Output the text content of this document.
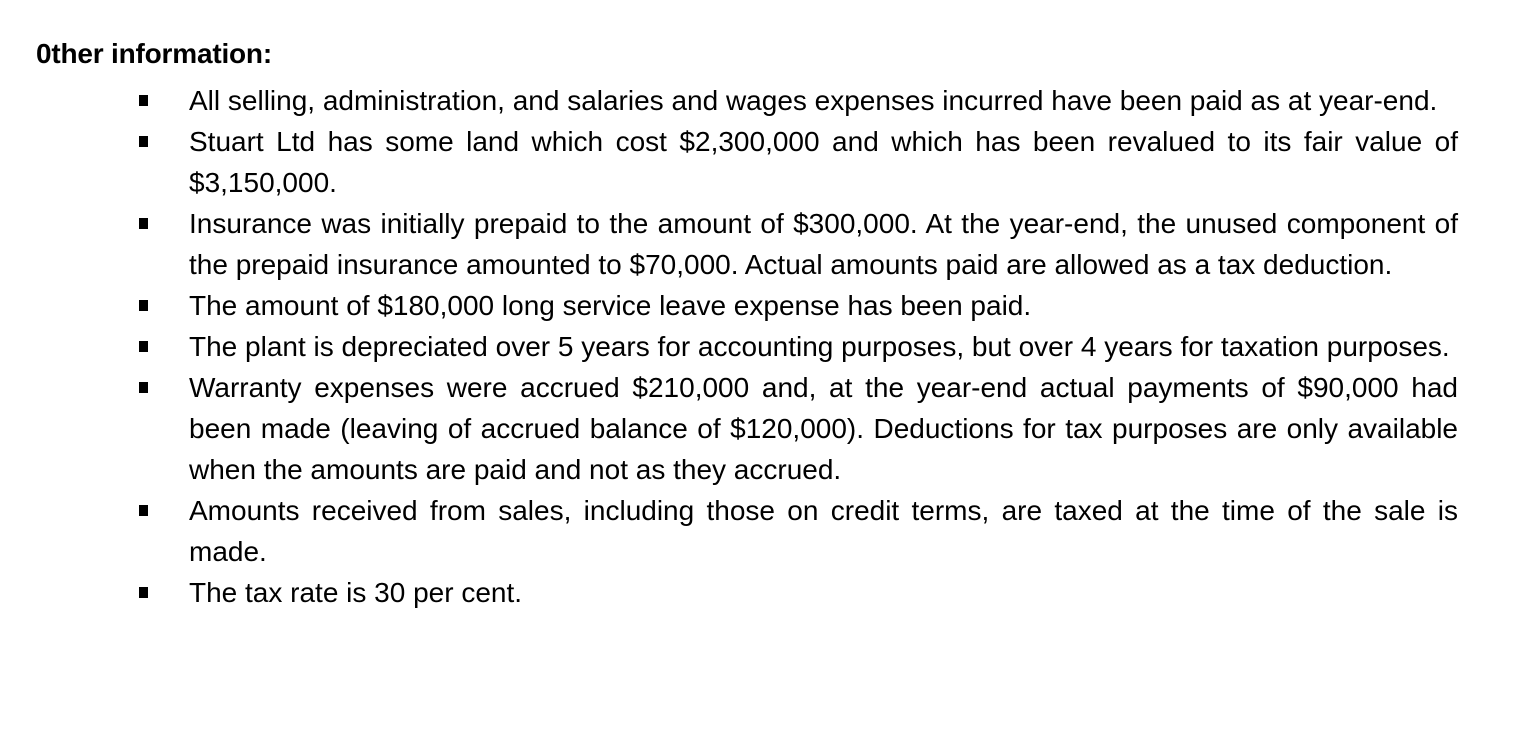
0ther information:
All selling, administration, and salaries and wages expenses incurred have been paid as at year-end.
Stuart Ltd has some land which cost $2,300,000 and which has been revalued to its fair value of $3,150,000.
Insurance was initially prepaid to the amount of $300,000. At the year-end, the unused component of the prepaid insurance amounted to $70,000. Actual amounts paid are allowed as a tax deduction.
The amount of $180,000 long service leave expense has been paid.
The plant is depreciated over 5 years for accounting purposes, but over 4 years for taxation purposes.
Warranty expenses were accrued $210,000 and, at the year-end actual payments of $90,000 had been made (leaving of accrued balance of $120,000). Deductions for tax purposes are only available when the amounts are paid and not as they accrued.
Amounts received from sales, including those on credit terms, are taxed at the time of the sale is made.
The tax rate is 30 per cent.
